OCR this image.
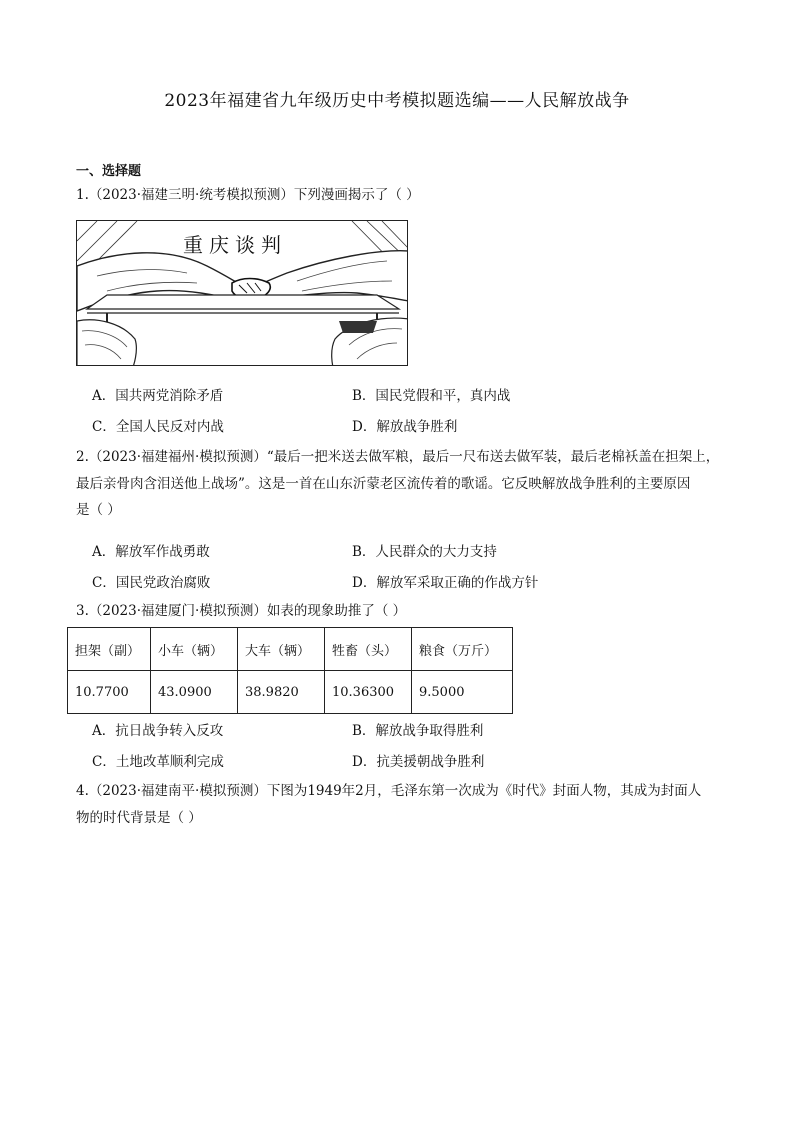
2023年福建省九年级历史中考模拟题选编——人民解放战争
一、选择题
1.（2023·福建三明·统考模拟预测）下列漫画揭示了（ ）
重庆谈判
A．国共两党消除矛盾	B．国民党假和平，真内战
C．全国人民反对内战	D．解放战争胜利
2.（2023·福建福州·模拟预测）“最后一把米送去做军粮，最后一尺布送去做军装，最后老棉袄盖在担架上，
最后亲骨肉含泪送他上战场”。这是一首在山东沂蒙老区流传着的歌谣。它反映解放战争胜利的主要原因
是（ ）
A．解放军作战勇敢	B．人民群众的大力支持
C．国民党政治腐败	D．解放军采取正确的作战方针
3.（2023·福建厦门·模拟预测）如表的现象助推了（ ）
担架（副）	小车（辆）	大车（辆）	牲畜（头）	粮食（万斤）
10.7700	43.0900	38.9820	10.36300	9.5000
A．抗日战争转入反攻	B．解放战争取得胜利
C．土地改革顺利完成	D．抗美援朝战争胜利
4.（2023·福建南平·模拟预测）下图为1949年2月，毛泽东第一次成为《时代》封面人物，其成为封面人
物的时代背景是（ ）
